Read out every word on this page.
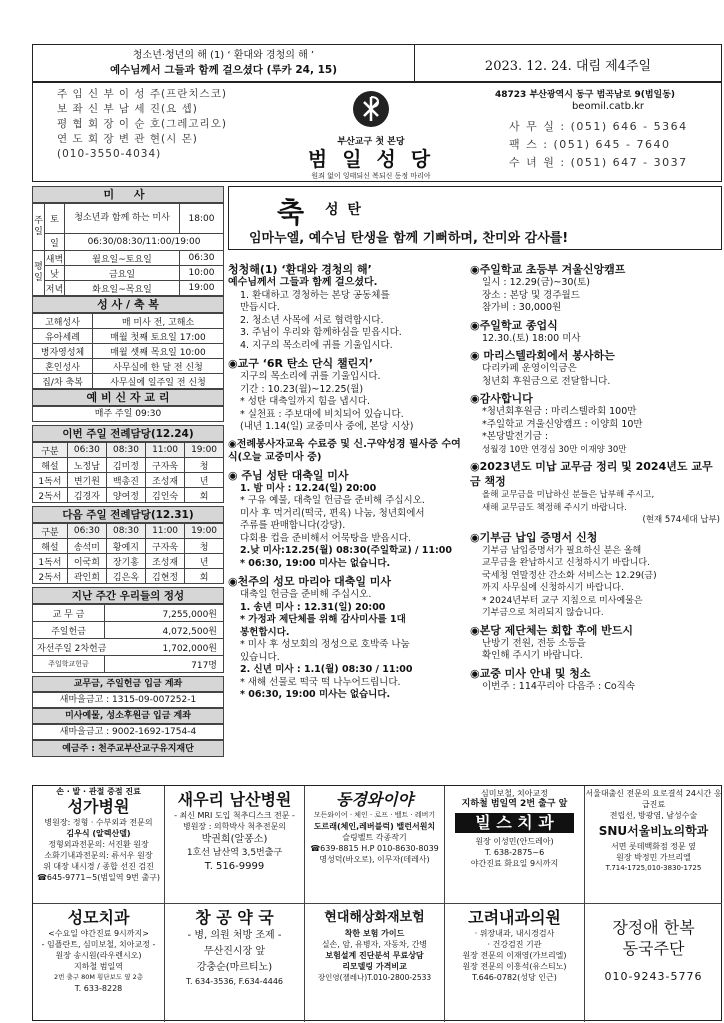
청소년·청년의 해 (1) ‘ 환대와 경청의 해 ’
예수님께서 그들과 함께 걸으셨다 (루카 24, 15)	2023. 12. 24. 대림 제4주일
주 임 신 부 이 성 주(프란치스코)
보 좌 신 부 남 세 진(요 셉)
평 협 회 장 이 순 호(그레고리오)
연 도 회 장 변 관 현(시 몬)
(010-3550-4034)
부산교구 첫 본당
범 일 성 당
원죄 없이 잉태되신 복되신 동정 마리아
48723 부산광역시 동구 범곡남로 9(범일동)
beomil.catb.kr
사 무 실 : (051) 646 - 5364
팩 스 : (051) 645 - 7640
수 녀 원 : (051) 647 - 3037
미 사
주일	토	청소년과 함께 하는 미사	18:00
	일	06:30/08:30/11:00/19:00	
평일	새벽	월요일~토요일	06:30
	낮	금요일	10:00
	저녁	화요일~목요일	19:00
성 사 / 축 복
고해성사	매 미사 전, 고해소
유아세례	매월 첫째 토요일 17:00
병자영성체	매월 셋째 목요일 10:00
혼인성사	사무실에 한 달 전 신청
집/차 축복	사무실에 일주일 전 신청
예 비 신 자 교 리
매주 주일 09:30
이번 주일 전례담당(12.24)
구분	06:30	08:30	11:00	19:00
해설	노정남	김미정	구자욱	청
1독서	변기원	백총진	조성재	년
2독서	김경자	양여정	김인숙	회
다음 주일 전례담당(12.31)
구분	06:30	08:30	11:00	19:00
해설	송석미	황예지	구자욱	청
1독서	이국희	장기홍	조성재	년
2독서	곽인희	김은옥	김현정	회
지난 주간 우리들의 정성
교 무 금	7,255,000원
주일헌금	4,072,500원
자선주일 2차헌금 1,702,000원	

주일학교헌금	717명
교무금, 주일헌금 입금 계좌
새마을금고 : 1315-09-007252-1
미사예물, 성소후원금 입금 계좌
새마을금고 : 9002-1692-1754-4
예금주 : 천주교부산교구유지재단
축 성 탄
임마누엘, 예수님 탄생을 함께 기뻐하며, 찬미와 감사를!
청청해(1) ‘환대와 경청의 해’
예수님께서 그들과 함께 걸으셨다.
1. 환대하고 경청하는 본당 공동체를
만듭시다.
2. 청소년 사목에 서로 협력합시다.
3. 주님이 우리와 함께하심을 믿읍시다.
4. 지구의 목소리에 귀를 기울입시다.
◉교구 ‘6R 탄소 단식 챌린지’
지구의 목소리에 귀를 기울입시다.
기간 : 10.23(월)~12.25(월)
* 성탄 대축일까지 힘을 냅시다.
* 실천표 : 주보대에 비치되어 있습니다.
(내년 1.14(일) 교중미사 중에, 본당 시상)
◉전례봉사자교육 수료증 및 신.구약성경 필사증 수여식(오늘 교중미사 중)
◉ 주님 성탄 대축일 미사
1. 밤 미사 : 12.24(일) 20:00
* 구유 예물, 대축일 헌금을 준비해 주십시오.
미사 후 먹거리(떡국, 편육) 나눔, 청년회에서
주류를 판매합니다(강당).
다회용 컵을 준비해서 어묵탕을 받읍시다.
2.낮 미사:12.25(월) 08:30(주일학교) / 11:00
* 06:30, 19:00 미사는 없습니다.
◉천주의 성모 마리아 대축일 미사
대축일 헌금을 준비해 주십시오.
1. 송년 미사 : 12.31(일) 20:00
* 가정과 제단체를 위해 감사미사를 1대
봉헌합시다.
* 미사 후 성모회의 정성으로 호박죽 나눔
있습니다.
2. 신년 미사 : 1.1(월) 08:30 / 11:00
* 새해 선물로 떡국 떡 나누어드립니다.
* 06:30, 19:00 미사는 없습니다.
◉주일학교 초등부 겨울신앙캠프
일시 : 12.29(금)~30(토)
장소 : 본당 및 경주월드
참가비 : 30,000원
◉주일학교 종업식
12.30.(토) 18:00 미사
◉ 마리스텔라회에서 봉사하는
다리카페 운영이익금은
청년회 후원금으로 전달합니다.
◉감사합니다
*청년회후원금 : 마리스텔라회 100만
*주일학교 겨울신앙캠프 : 이양희 10만
*본당발전기금 :
성월경 10만 연경심 30만 이재양 30만
◉2023년도 미납 교무금 정리 및 2024년도 교무금 책정
올해 교무금을 미납하신 분들은 납부해 주시고,
새해 교무금도 책정해 주시기 바랍니다.
(현재 574세대 납부)
◉기부금 납입 증명서 신청
기부금 납입증명서가 필요하신 분은 올해
교무금을 완납하시고 신청하시기 바랍니다.
국세청 연말정산 간소화 서비스는 12.29(금)
까지 사무실에 신청하시기 바랍니다.
* 2024년부터 교구 지침으로 미사예물은
기부금으로 처리되지 않습니다.
◉본당 제단체는 회합 후에 반드시
난방기 전원, 전등 소등을
확인해 주시기 바랍니다.
◉교중 미사 안내 및 청소
이번주 : 114꾸리아 다음주 : Co직속
손 · 발 · 관절 중점 진료
성가병원
병원장: 정형 · 수부외과 전문의
김우식 (알렉산델)
정형외과전문의: 서진환 원장
소화기내과전문의: 류서우 원장
위 대장 내시경 / 종합 선진 검진
☎645-9771~5(범일역 9번 출구)
새우리 남산병원
- 최신 MRI 도입 척추디스크 전문 -
병원장 : 의학박사 척추전문의
박권희(알퐁소)
1호선 남산역 3,5번출구
T. 516-9999
동경와이야
모든와이어 · 체인 · 로프 · 벨트 · 레버기
도르래(체인,레버블럭) 밸런서원치
슬링벨트 각종작기
☎639-8815 H.P 010-8630-8039
명성덕(바오로), 이무자(데레사)
심미보철, 치아교정
지하철 범일역 2번 출구 앞
빌 스 치 과
원장 이성민(안드레아)
T. 638-2875~6
야간진료 화요일 9시까지
서울대출신 전문의 요로결석 24시간 응급진료
전립선, 방광염, 남성수술
SNU서울비뇨의학과
서면 롯데백화점 정문 옆
원장 박정민 가브리엘
T.714-1725,010-3830-1725
성모치과
<수요일 야간진료 9시까지>
- 임플란트, 심미보철, 치아교정 -
원장 송시원(라우렌시오)
지하철 범일역
2번 출구 80M 횡단보도 옆 2층
T. 633-8228
창 공 약 국
- 병, 의원 처방 조제 -
무산진시장 앞
강충순(마르티노)
T. 634-3536, F.634-4446
현대해상화재보험
착한 보험 가이드
실손, 암, 유병자, 자동차, 간병
보험설계 진단분석 무료상담
리모델링 가격비교
장인영(젤레나)T.010-2800-2533
고려내과의원
· 위장내과, 내시경검사
· 건강검진 기관
원장 전문의 이재영(가브리엘)
원장 전문의 이흥석(유스티노)
T.646-0782(성당 인근)
장정애 한복
동국주단
010-9243-5776
